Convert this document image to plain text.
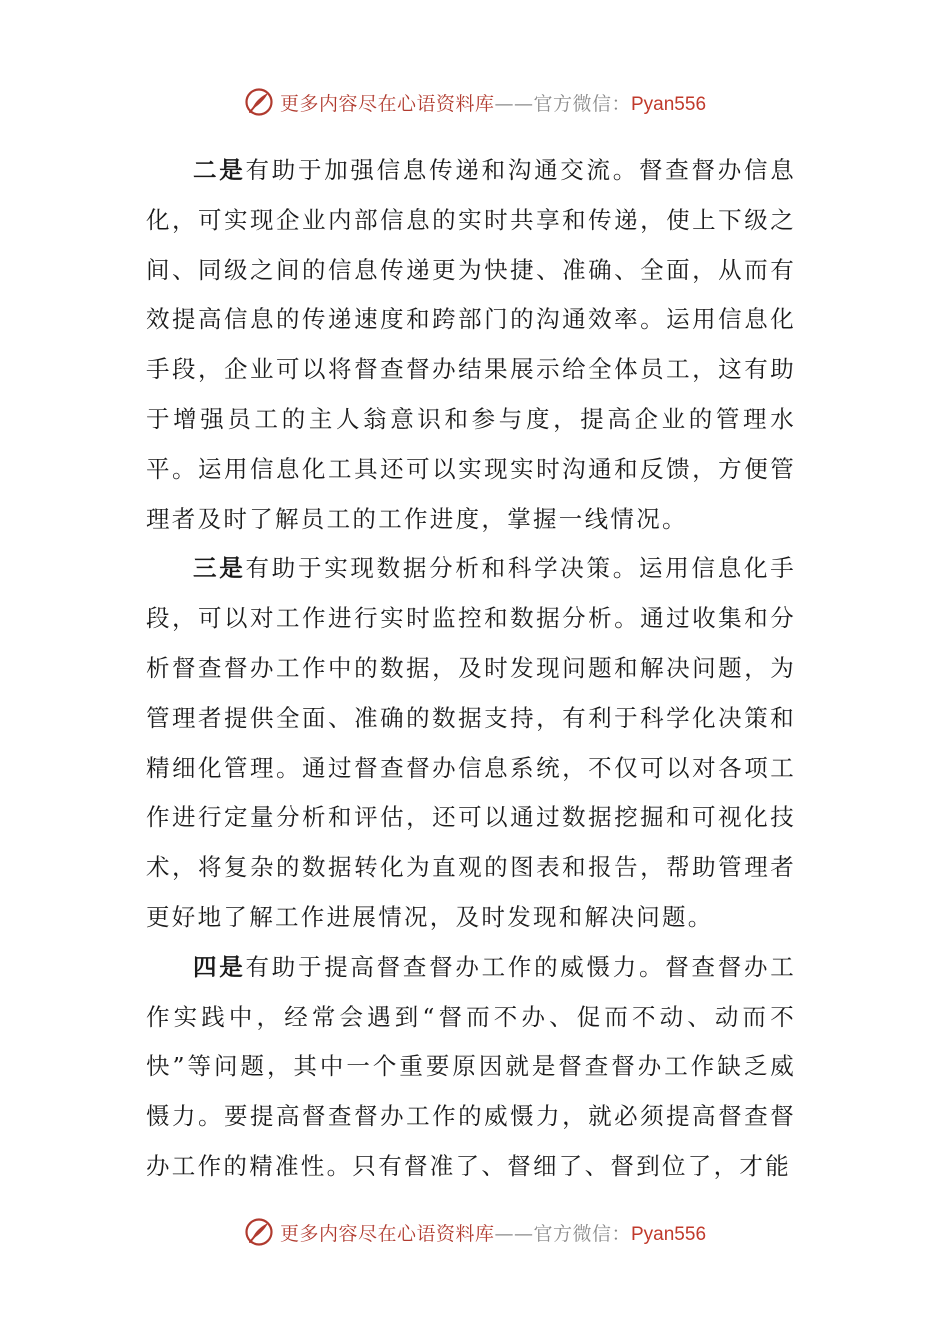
更多内容尽在心语资料库——官方微信：Pyan556

二是有助于加强信息传递和沟通交流。督查督办信息化，可实现企业内部信息的实时共享和传递，使上下级之间、同级之间的信息传递更为快捷、准确、全面，从而有效提高信息的传递速度和跨部门的沟通效率。运用信息化手段，企业可以将督查督办结果展示给全体员工，这有助于增强员工的主人翁意识和参与度，提高企业的管理水平。运用信息化工具还可以实现实时沟通和反馈，方便管理者及时了解员工的工作进度，掌握一线情况。

三是有助于实现数据分析和科学决策。运用信息化手段，可以对工作进行实时监控和数据分析。通过收集和分析督查督办工作中的数据，及时发现问题和解决问题，为管理者提供全面、准确的数据支持，有利于科学化决策和精细化管理。通过督查督办信息系统，不仅可以对各项工作进行定量分析和评估，还可以通过数据挖掘和可视化技术，将复杂的数据转化为直观的图表和报告，帮助管理者更好地了解工作进展情况，及时发现和解决问题。

四是有助于提高督查督办工作的威慑力。督查督办工作实践中，经常会遇到“督而不办、促而不动、动而不快”等问题，其中一个重要原因就是督查督办工作缺乏威慑力。要提高督查督办工作的威慑力，就必须提高督查督办工作的精准性。只有督准了、督细了、督到位了，才能

更多内容尽在心语资料库——官方微信：Pyan556
